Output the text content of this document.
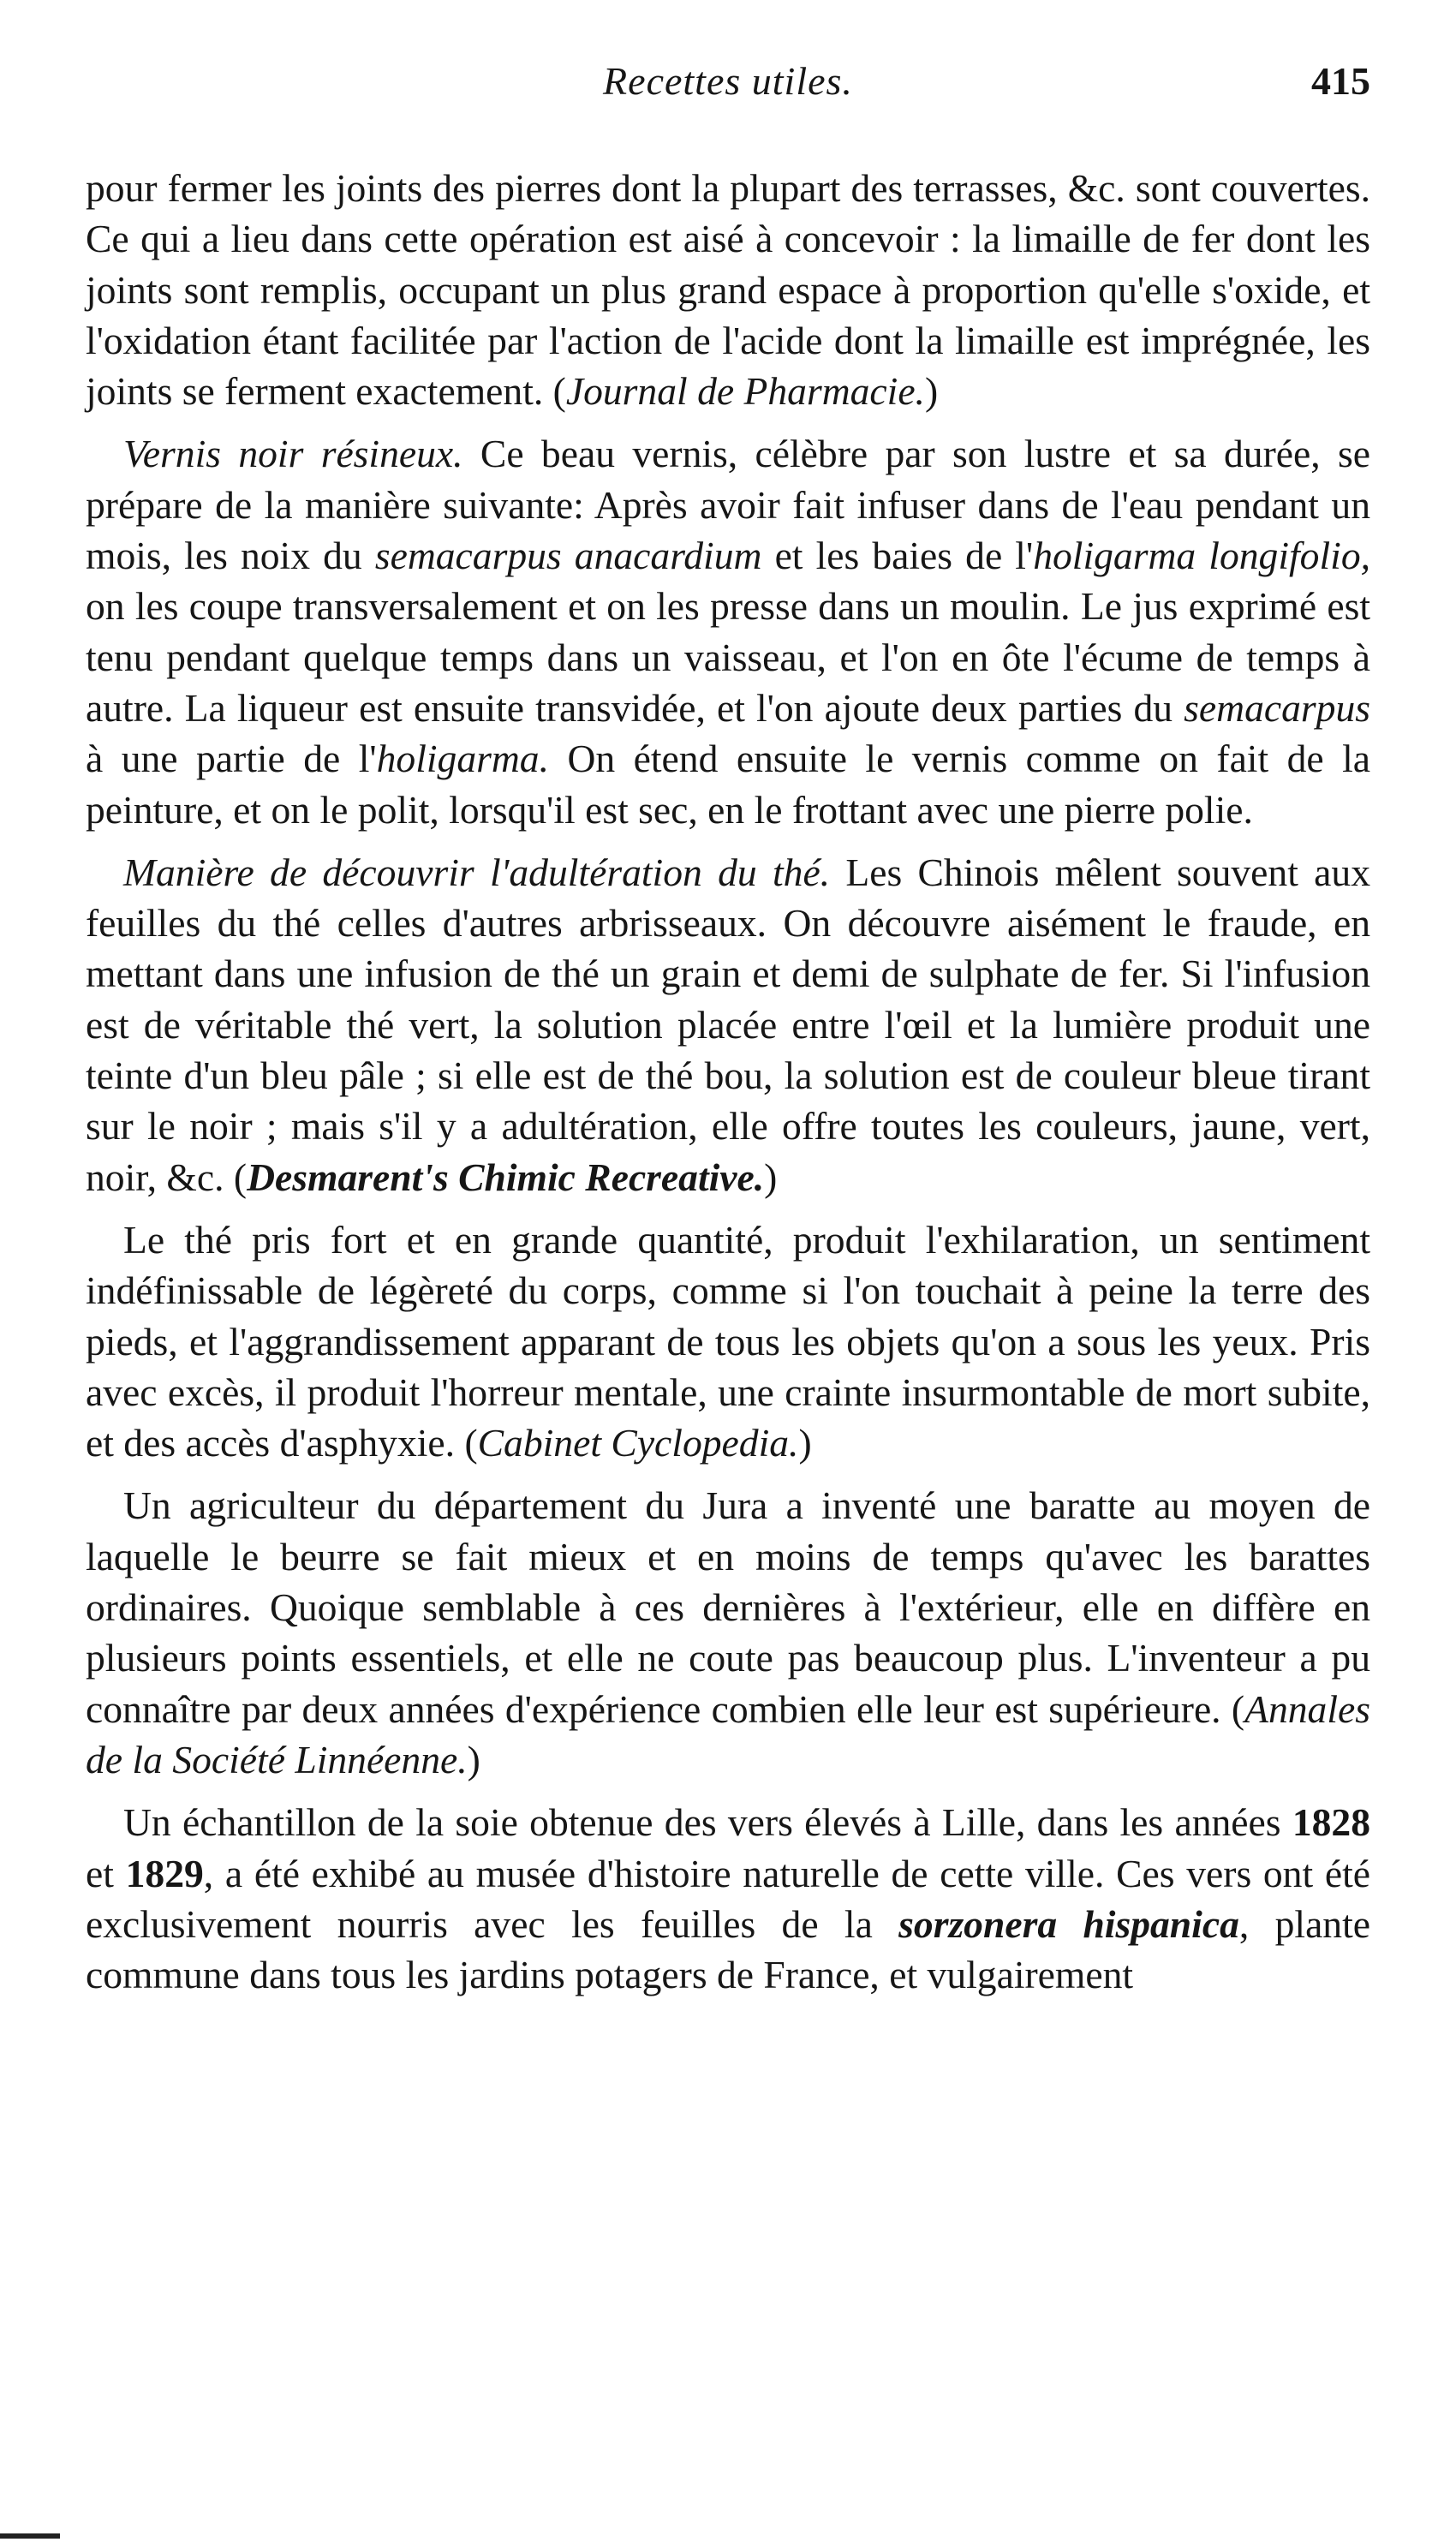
Recettes utiles.	415

pour fermer les joints des pierres dont la plupart des terrasses, &c. sont couvertes. Ce qui a lieu dans cette opération est aisé à concevoir : la limaille de fer dont les joints sont remplis, occupant un plus grand espace à proportion qu'elle s'oxide, et l'oxidation étant facilitée par l'action de l'acide dont la limaille est imprégnée, les joints se ferment exactement. (Journal de Pharmacie.)

Vernis noir résineux. Ce beau vernis, célèbre par son lustre et sa durée, se prépare de la manière suivante: Après avoir fait infuser dans de l'eau pendant un mois, les noix du semacarpus anacardium et les baies de l'holigarma longifolio, on les coupe transversalement et on les presse dans un moulin. Le jus exprimé est tenu pendant quelque temps dans un vaisseau, et l'on en ôte l'écume de temps à autre. La liqueur est ensuite transvidée, et l'on ajoute deux parties du semacarpus à une partie de l'holigarma. On étend ensuite le vernis comme on fait de la peinture, et on le polit, lorsqu'il est sec, en le frottant avec une pierre polie.

Manière de découvrir l'adultération du thé. Les Chinois mêlent souvent aux feuilles du thé celles d'autres arbrisseaux. On découvre aisément le fraude, en mettant dans une infusion de thé un grain et demi de sulphate de fer. Si l'infusion est de véritable thé vert, la solution placée entre l'œil et la lumière produit une teinte d'un bleu pâle ; si elle est de thé bou, la solution est de couleur bleue tirant sur le noir ; mais s'il y a adultération, elle offre toutes les couleurs, jaune, vert, noir, &c. (Desmarent's Chimic Recreative.)

Le thé pris fort et en grande quantité, produit l'exhilaration, un sentiment indéfinissable de légèreté du corps, comme si l'on touchait à peine la terre des pieds, et l'aggrandissement apparant de tous les objets qu'on a sous les yeux. Pris avec excès, il produit l'horreur mentale, une crainte insurmontable de mort subite, et des accès d'asphyxie. (Cabinet Cyclopedia.)

Un agriculteur du département du Jura a inventé une baratte au moyen de laquelle le beurre se fait mieux et en moins de temps qu'avec les barattes ordinaires. Quoique semblable à ces dernières à l'extérieur, elle en diffère en plusieurs points essentiels, et elle ne coute pas beaucoup plus. L'inventeur a pu connaître par deux années d'expérience combien elle leur est supérieure. (Annales de la Société Linnéenne.)

Un échantillon de la soie obtenue des vers élevés à Lille, dans les années 1828 et 1829, a été exhibé au musée d'histoire naturelle de cette ville. Ces vers ont été exclusivement nourris avec les feuilles de la sorzonera hispanica, plante commune dans tous les jardins potagers de France, et vulgairement
